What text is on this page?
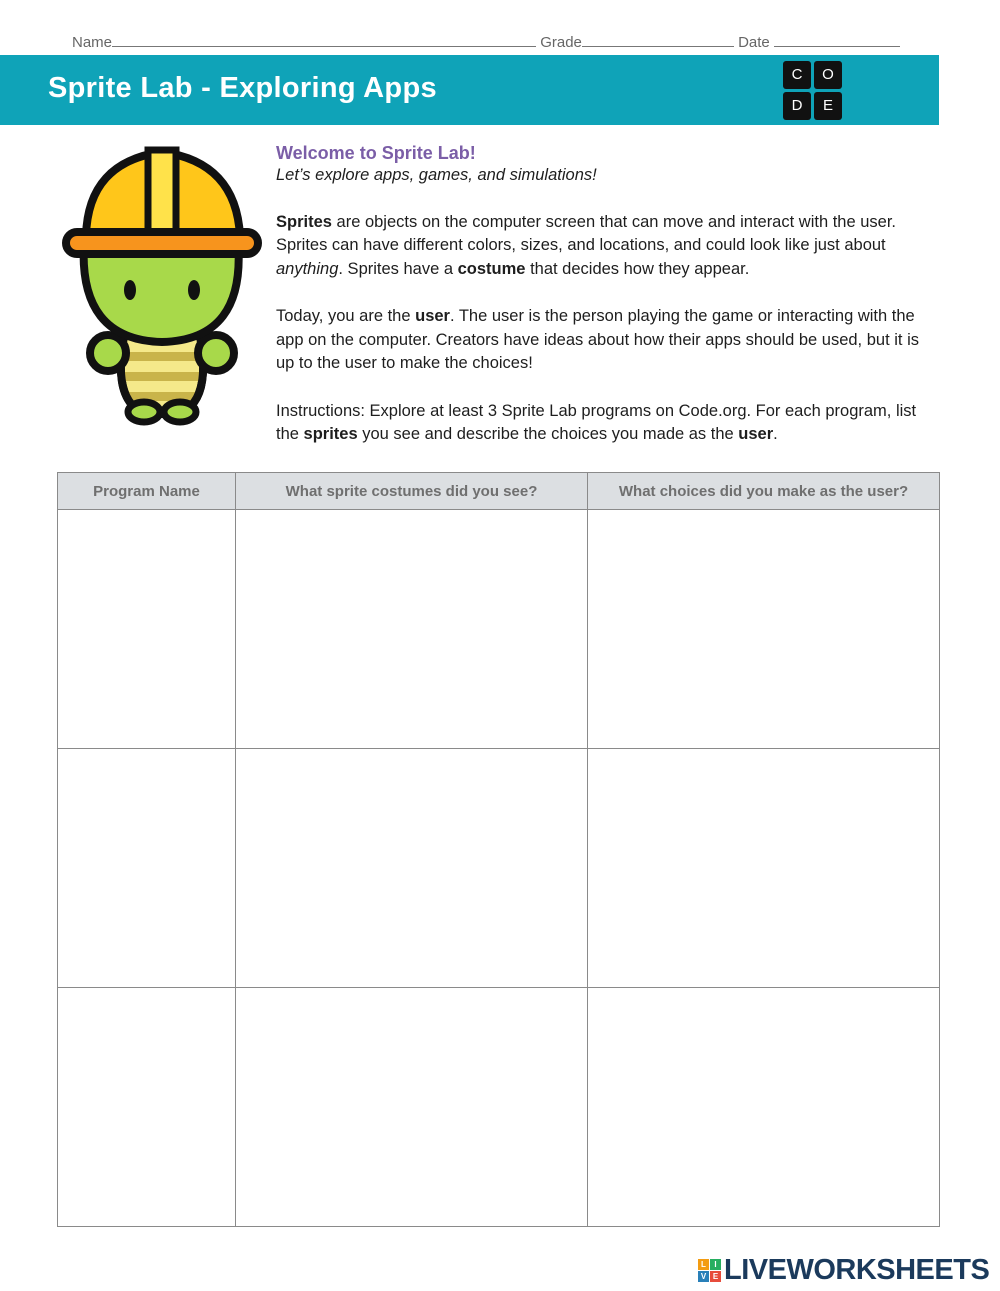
Name	Grade	Date
Sprite Lab - Exploring Apps	C	O
D	E
Welcome to Sprite Lab!
Let’s explore apps, games, and simulations!
Sprites are objects on the computer screen that can move and interact with the user. Sprites can have different colors, sizes, and locations, and could look like just about anything. Sprites have a costume that decides how they appear.
Today, you are the user. The user is the person playing the game or interacting with the app on the computer. Creators have ideas about how their apps should be used, but it is up to the user to make the choices!
Instructions: Explore at least 3 Sprite Lab programs on Code.org. For each program, list the sprites you see and describe the choices you made as the user.
Program Name	What sprite costumes did you see?	What choices did you make as the user?

L	I
V E LIVEWORKSHEETS
